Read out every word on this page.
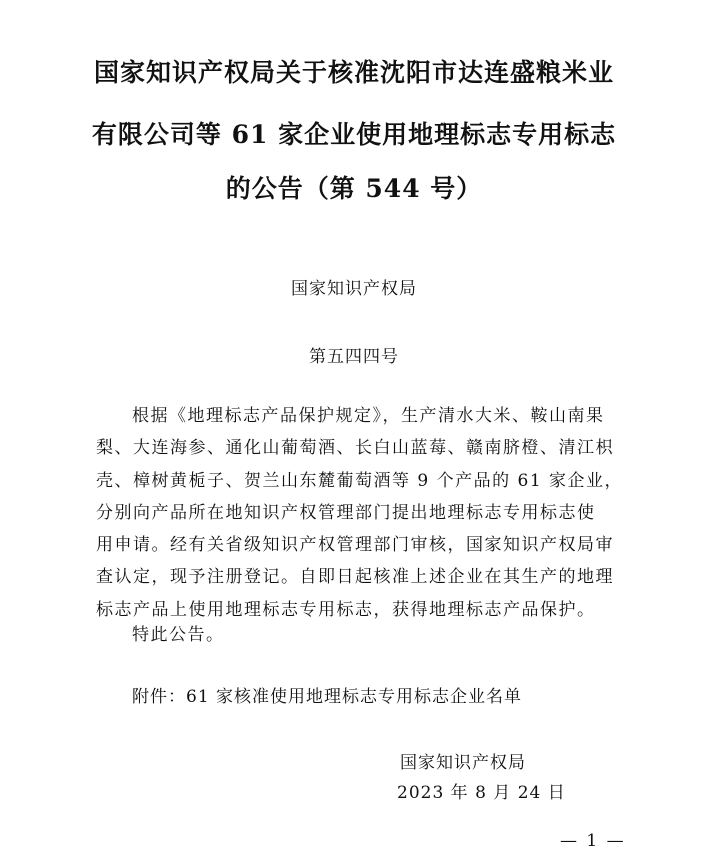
国家知识产权局关于核准沈阳市达连盛粮米业
有限公司等 61 家企业使用地理标志专用标志
的公告（第 544 号）
国家知识产权局
第五四四号
根据《地理标志产品保护规定》，生产清水大米、鞍山南果
梨、大连海参、通化山葡萄酒、长白山蓝莓、赣南脐橙、清江枳
壳、樟树黄栀子、贺兰山东麓葡萄酒等 9 个产品的 61 家企业，
分别向产品所在地知识产权管理部门提出地理标志专用标志使
用申请。经有关省级知识产权管理部门审核，国家知识产权局审
查认定，现予注册登记。自即日起核准上述企业在其生产的地理
标志产品上使用地理标志专用标志，获得地理标志产品保护。
特此公告。
附件：61 家核准使用地理标志专用标志企业名单
国家知识产权局
2023 年 8 月 24 日
— 1 —
